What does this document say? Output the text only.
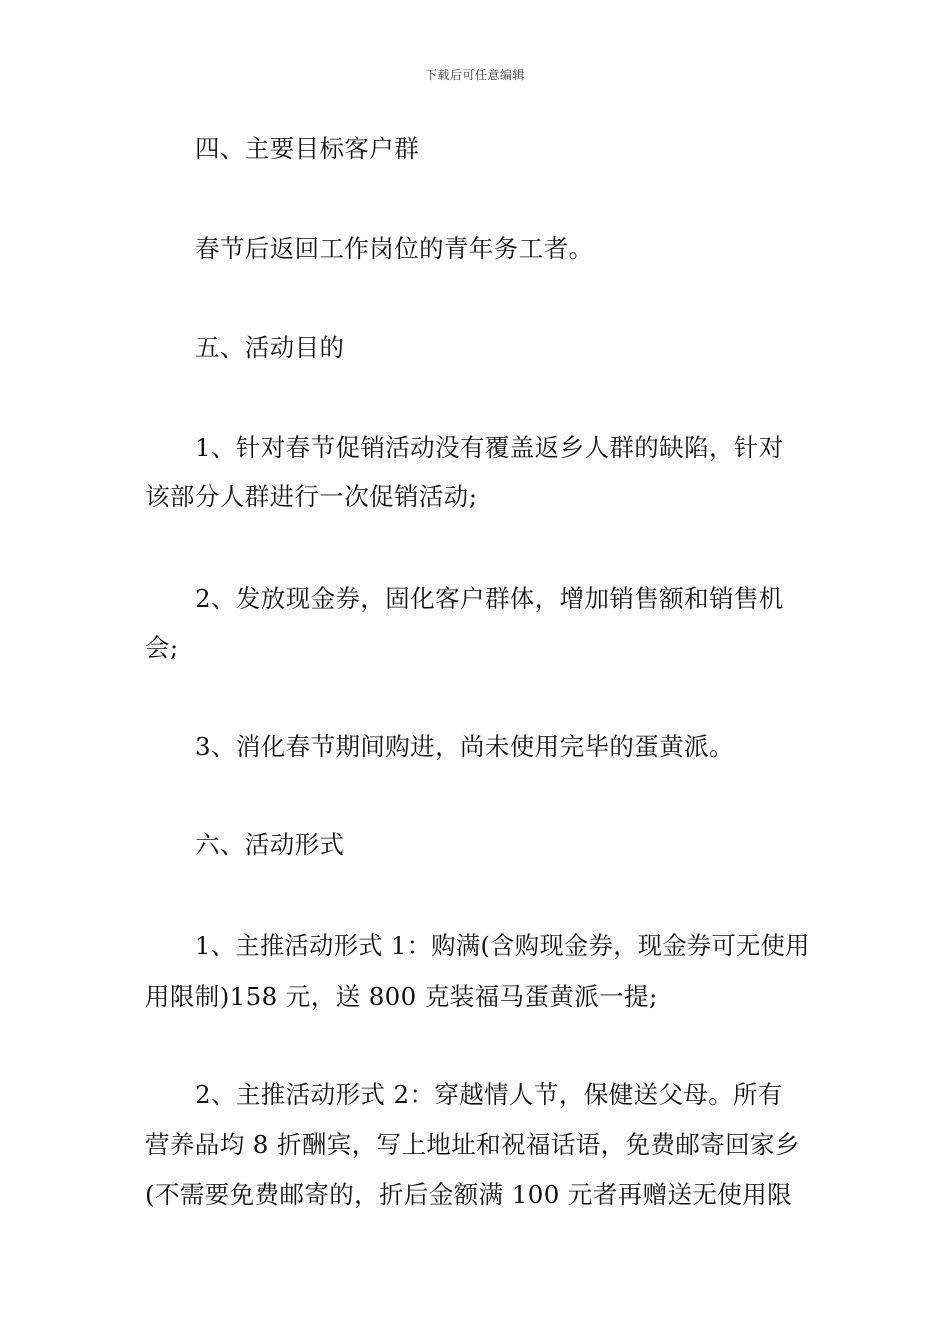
下载后可任意编辑
四、主要目标客户群
春节后返回工作岗位的青年务工者。
五、活动目的
1、针对春节促销活动没有覆盖返乡人群的缺陷，针对
该部分人群进行一次促销活动;
2、发放现金券，固化客户群体，增加销售额和销售机
会;
3、消化春节期间购进，尚未使用完毕的蛋黄派。
六、活动形式
1、主推活动形式 1：购满(含购现金券，现金券可无使用
用限制)158 元，送 800 克装福马蛋黄派一提;
2、主推活动形式 2：穿越情人节，保健送父母。所有
营养品均 8 折酬宾，写上地址和祝福话语，免费邮寄回家乡
(不需要免费邮寄的，折后金额满 100 元者再赠送无使用限
